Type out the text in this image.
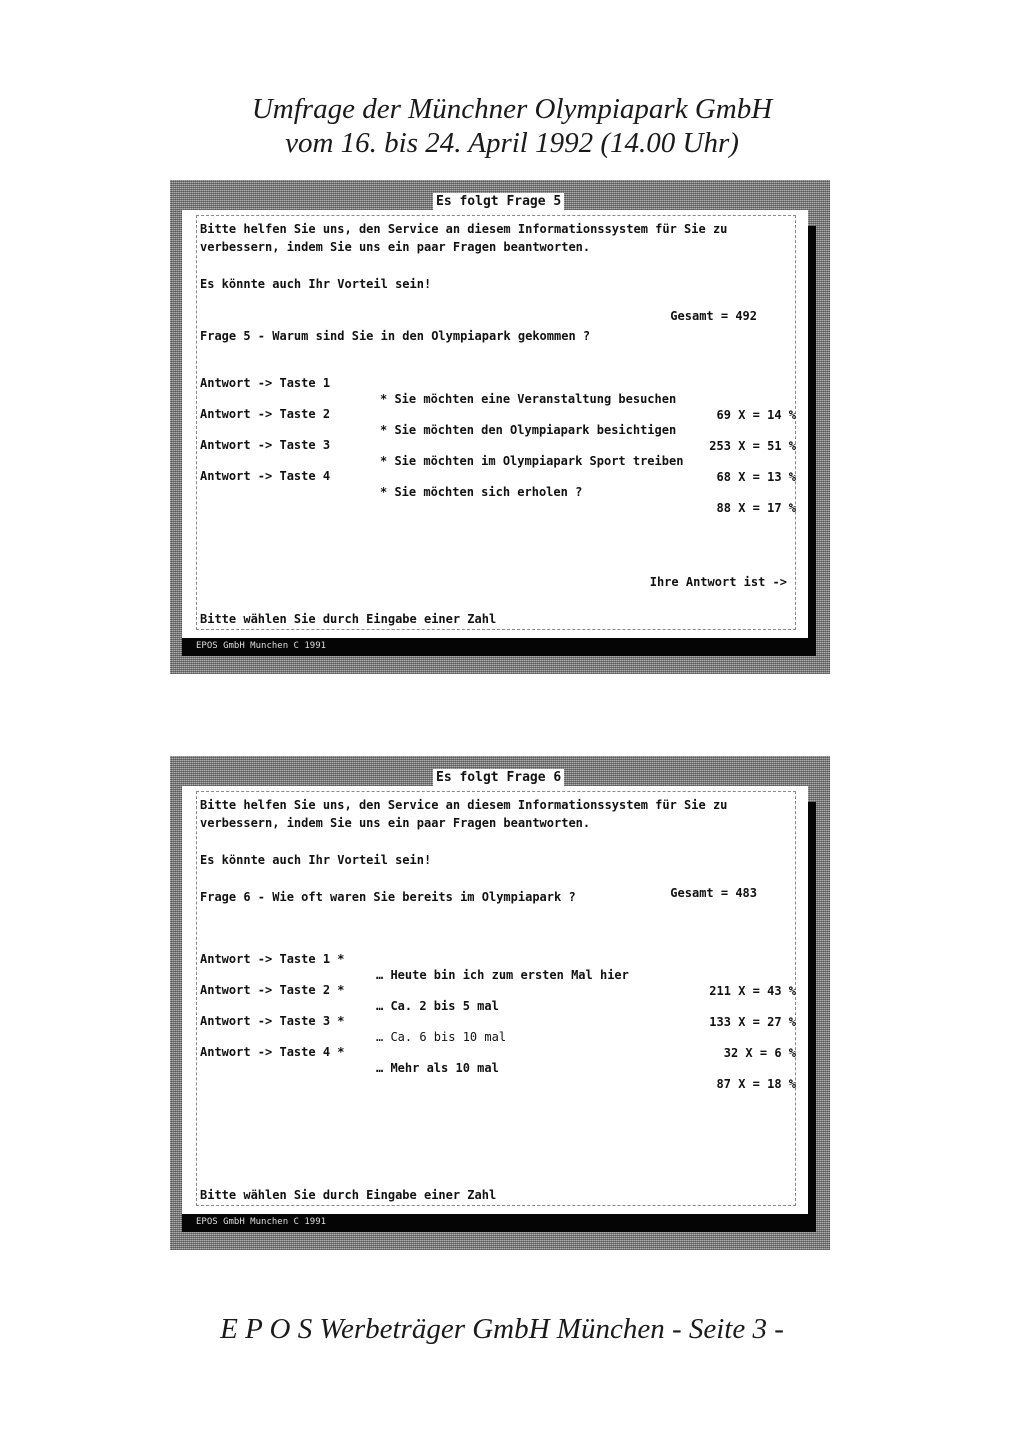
Umfrage der Münchner Olympiapark GmbH
vom 16. bis 24. April 1992 (14.00 Uhr)
Bitte helfen Sie uns, den Service an diesem Informationssystem für Sie zu
verbessern, indem Sie uns ein paar Fragen beantworten.
Es könnte auch Ihr Vorteil sein!
Gesamt = 492
Frage 5 - Warum sind Sie in den Olympiapark gekommen ?

Antwort -> Taste 1

* Sie möchten eine Veranstaltung besuchen

69 X = 14 %

Antwort -> Taste 2

* Sie möchten den Olympiapark besichtigen

253 X = 51 %

Antwort -> Taste 3

* Sie möchten im Olympiapark Sport treiben

68 X = 13 %

Antwort -> Taste 4

* Sie möchten sich erholen ?

88 X = 17 %

Ihre Antwort ist ->
Bitte wählen Sie durch Eingabe einer Zahl
Es folgt Frage 5
EPOS GmbH Munchen C 1991
Bitte helfen Sie uns, den Service an diesem Informationssystem für Sie zu
verbessern, indem Sie uns ein paar Fragen beantworten.
Es könnte auch Ihr Vorteil sein!
Frage 6 - Wie oft waren Sie bereits im Olympiapark ?	Gesamt = 483

Antwort -> Taste 1 *

… Heute bin ich zum ersten Mal hier

211 X = 43 %

Antwort -> Taste 2 *

… Ca. 2 bis 5 mal

133 X = 27 %

Antwort -> Taste 3 *

… Ca. 6 bis 10 mal

32 X = 6 %

Antwort -> Taste 4 *

… Mehr als 10 mal

87 X = 18 %

Bitte wählen Sie durch Eingabe einer Zahl
Es folgt Frage 6
EPOS GmbH Munchen C 1991
E P O S Werbeträger GmbH München - Seite 3 -
